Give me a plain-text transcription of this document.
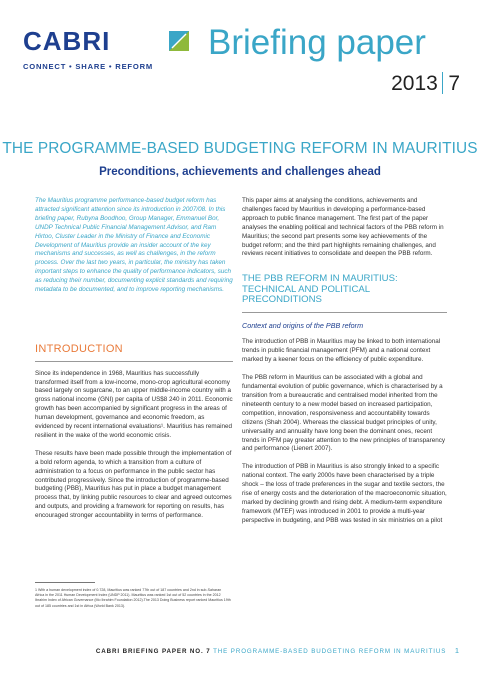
CABRI
CONNECT • SHARE • REFORM
Briefing paper
2013 7
THE PROGRAMME-BASED BUDGETING REFORM IN MAURITIUS
Preconditions, achievements and challenges ahead
The Mauritius programme performance-based budget reform has attracted significant attention since its introduction in 2007/08. In this briefing paper, Rubyna Boodhoo, Group Manager, Emmanuel Bor, UNDP Technical Public Financial Management Advisor, and Ram Hirtoo, Cluster Leader in the Ministry of Finance and Economic Development of Mauritius provide an insider account of the key mechanisms and successes, as well as challenges, in the reform process. Over the last two years, in particular, the ministry has taken important steps to enhance the quality of performance indicators, such as reducing their number, documenting explicit standards and requiring metadata to be documented, and to improve reporting mechanisms.
INTRODUCTION
Since its independence in 1968, Mauritius has successfully transformed itself from a low-income, mono-crop agricultural economy based largely on sugarcane, to an upper middle-income country with a gross national income (GNI) per capita of US$8 240 in 2011. Economic growth has been accompanied by significant progress in the areas of human development, governance and economic freedom, as evidenced by recent international evaluations¹. Mauritius has remained resilient in the wake of the world economic crisis.
These results have been made possible through the implementation of a bold reform agenda, to which a transition from a culture of administration to a focus on performance in the public sector has contributed progressively. Since the introduction of programme-based budgeting (PBB), Mauritius has put in place a budget management process that, by linking public resources to clear and agreed outcomes and outputs, and providing a framework for reporting on results, has encouraged stronger accountability in terms of performance.
1 With a human development index of 0.728, Mauritius was ranked 77th out of 187 countries and 2nd in sub-Saharan Africa in the 2011 Human Development Index (UNDP 2011). Mauritius was ranked 1st out of 52 countries in the 2012 Ibrahim Index of African Governance (Mo Ibrahim Foundation 2012).The 2013 Doing Business report ranked Mauritius 19th out of 185 countries and 1st in Africa (World Bank 2013).
This paper aims at analysing the conditions, achievements and challenges faced by Mauritius in developing a performance-based approach to public finance management. The first part of the paper analyses the enabling political and technical factors of the PBB reform in Mauritius; the second part presents some key achievements of the budget reform; and the third part highlights remaining challenges, and reviews recent initiatives to consolidate and deepen the PBB reform.
THE PBB REFORM IN MAURITIUS: TECHNICAL AND POLITICAL PRECONDITIONS
Context and origins of the PBB reform
The introduction of PBB in Mauritius may be linked to both international trends in public financial management (PFM) and a national context marked by a keener focus on the efficiency of public expenditure.
The PBB reform in Mauritius can be associated with a global and fundamental evolution of public governance, which is characterised by a transition from a bureaucratic and centralised model inherited from the nineteenth century to a new model based on increased participation, competition, innovation, responsiveness and accountability towards citizens (Shah 2004). Whereas the classical budget principles of unity, universality and annuality have long been the dominant ones, recent trends in PFM pay greater attention to the new principles of transparency and performance (Lienert 2007).
The introduction of PBB in Mauritius is also strongly linked to a specific national context. The early 2000s have been characterised by a triple shock – the loss of trade preferences in the sugar and textile sectors, the rise of energy costs and the deterioration of the macroeconomic situation, marked by declining growth and rising debt. A medium-term expenditure framework (MTEF) was introduced in 2001 to provide a multi-year perspective in budgeting, and PBB was tested in six ministries on a pilot
CABRI BRIEFING PAPER NO. 7 THE PROGRAMME-BASED BUDGETING REFORM IN MAURITIUS 1
